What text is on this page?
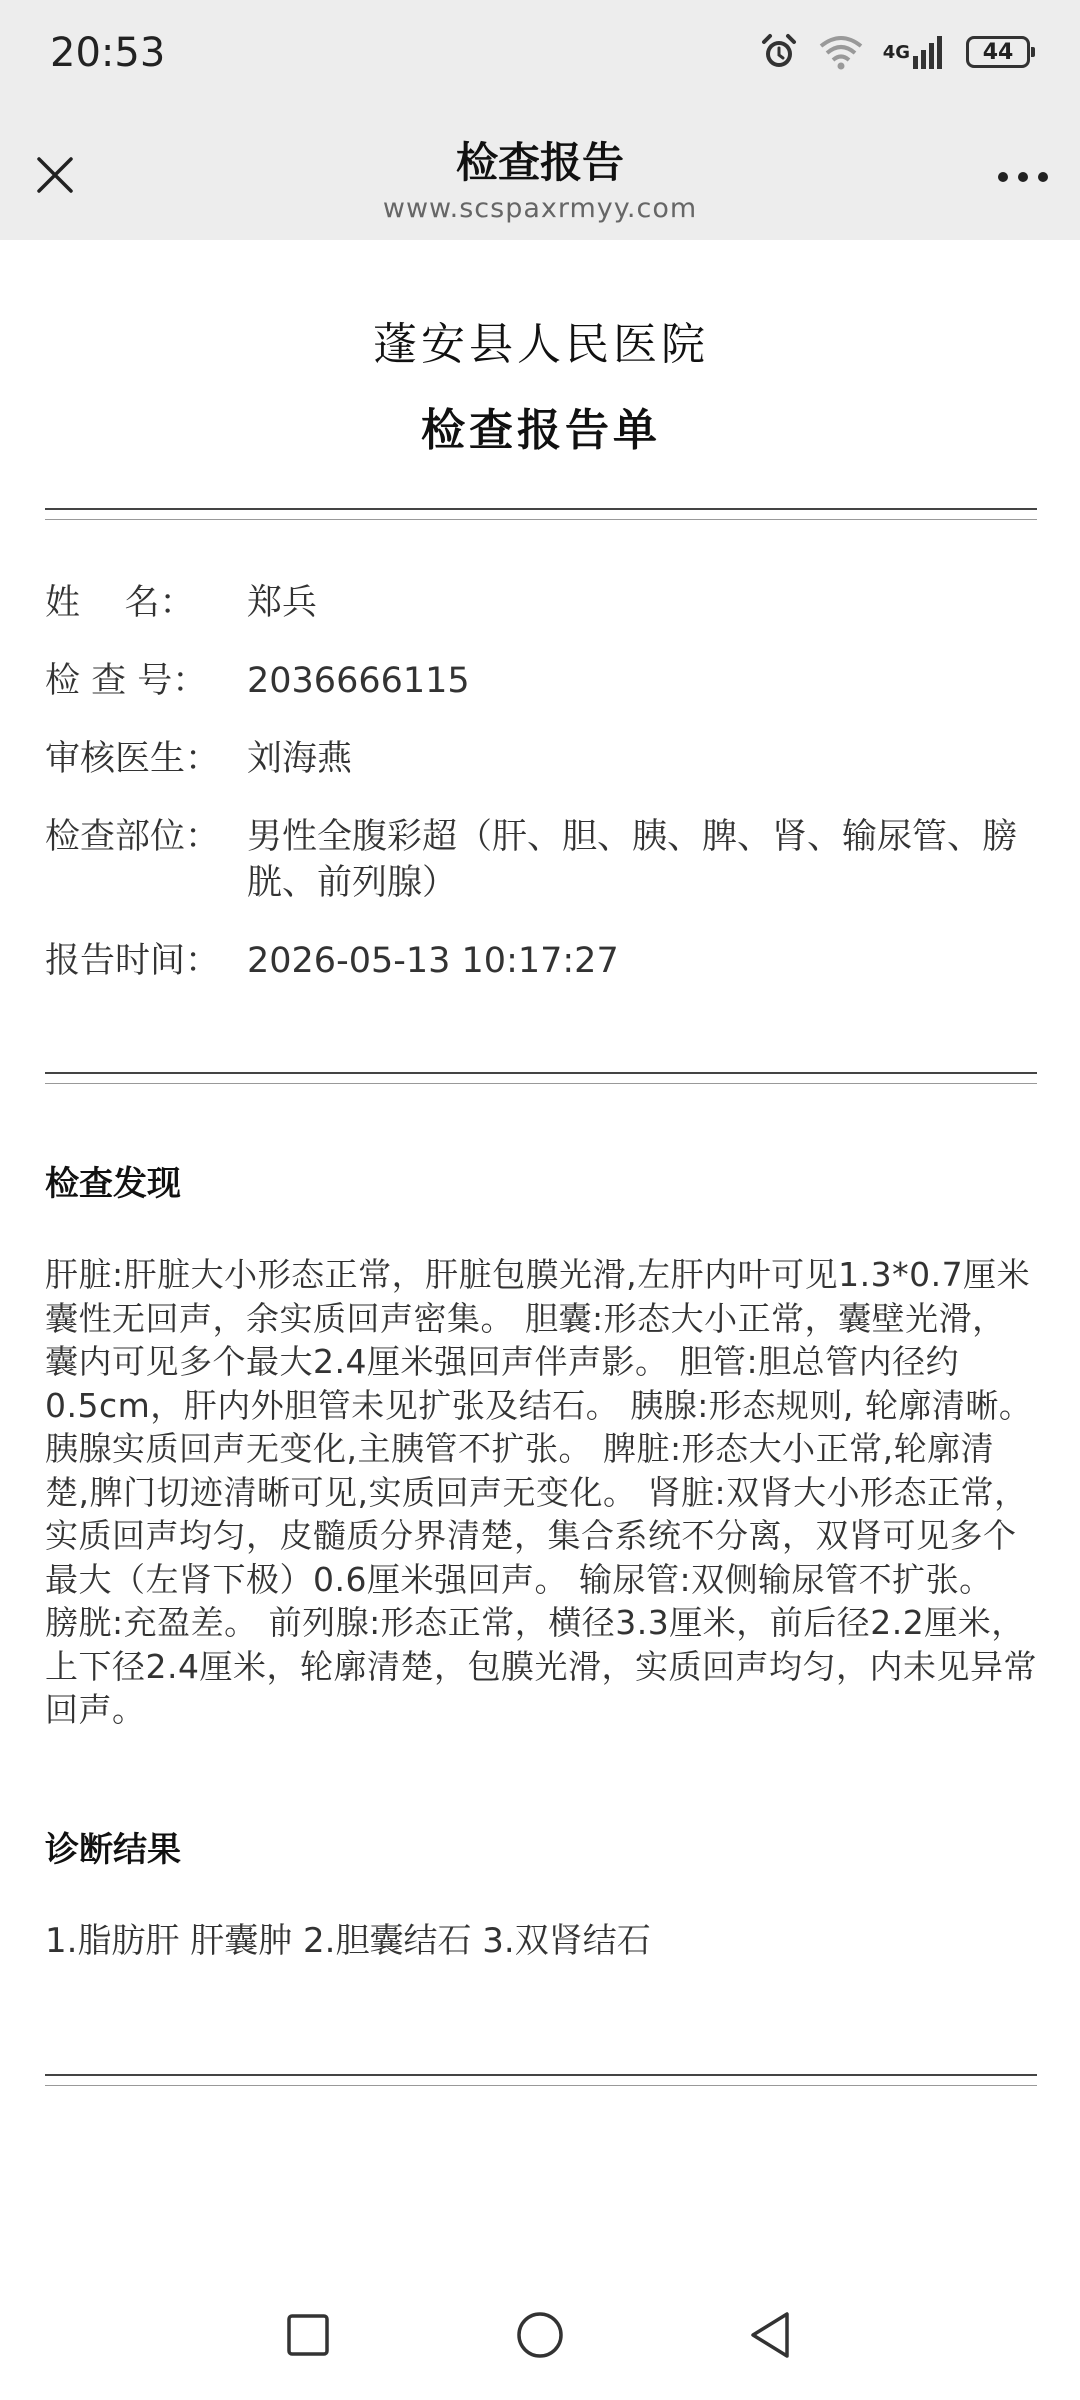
20:53	4G	44
检查报告
www.scspaxrmyy.com
蓬安县人民医院
检查报告单
姓    名：	郑兵
检 查 号：	2036666115
审核医生： 刘海燕
检查部位： 男性全腹彩超（肝、胆、胰、脾、肾、输尿管、膀胱、前列腺）
报告时间： 2026-05-13 10:17:27
检查发现
肝脏:肝脏大小形态正常，肝脏包膜光滑,左肝内叶可见1.3*0.7厘米囊性无回声，余实质回声密集。 胆囊:形态大小正常，囊壁光滑，囊内可见多个最大2.4厘米强回声伴声影。 胆管:胆总管内径约0.5cm，肝内外胆管未见扩张及结石。 胰腺:形态规则, 轮廓清晰。胰腺实质回声无变化,主胰管不扩张。 脾脏:形态大小正常,轮廓清楚,脾门切迹清晰可见,实质回声无变化。 肾脏:双肾大小形态正常，实质回声均匀，皮髓质分界清楚，集合系统不分离，双肾可见多个最大（左肾下极）0.6厘米强回声。 输尿管:双侧输尿管不扩张。 膀胱:充盈差。 前列腺:形态正常，横径3.3厘米，前后径2.2厘米，上下径2.4厘米，轮廓清楚，包膜光滑，实质回声均匀，内未见异常回声。
诊断结果
1.脂肪肝 肝囊肿 2.胆囊结石 3.双肾结石
